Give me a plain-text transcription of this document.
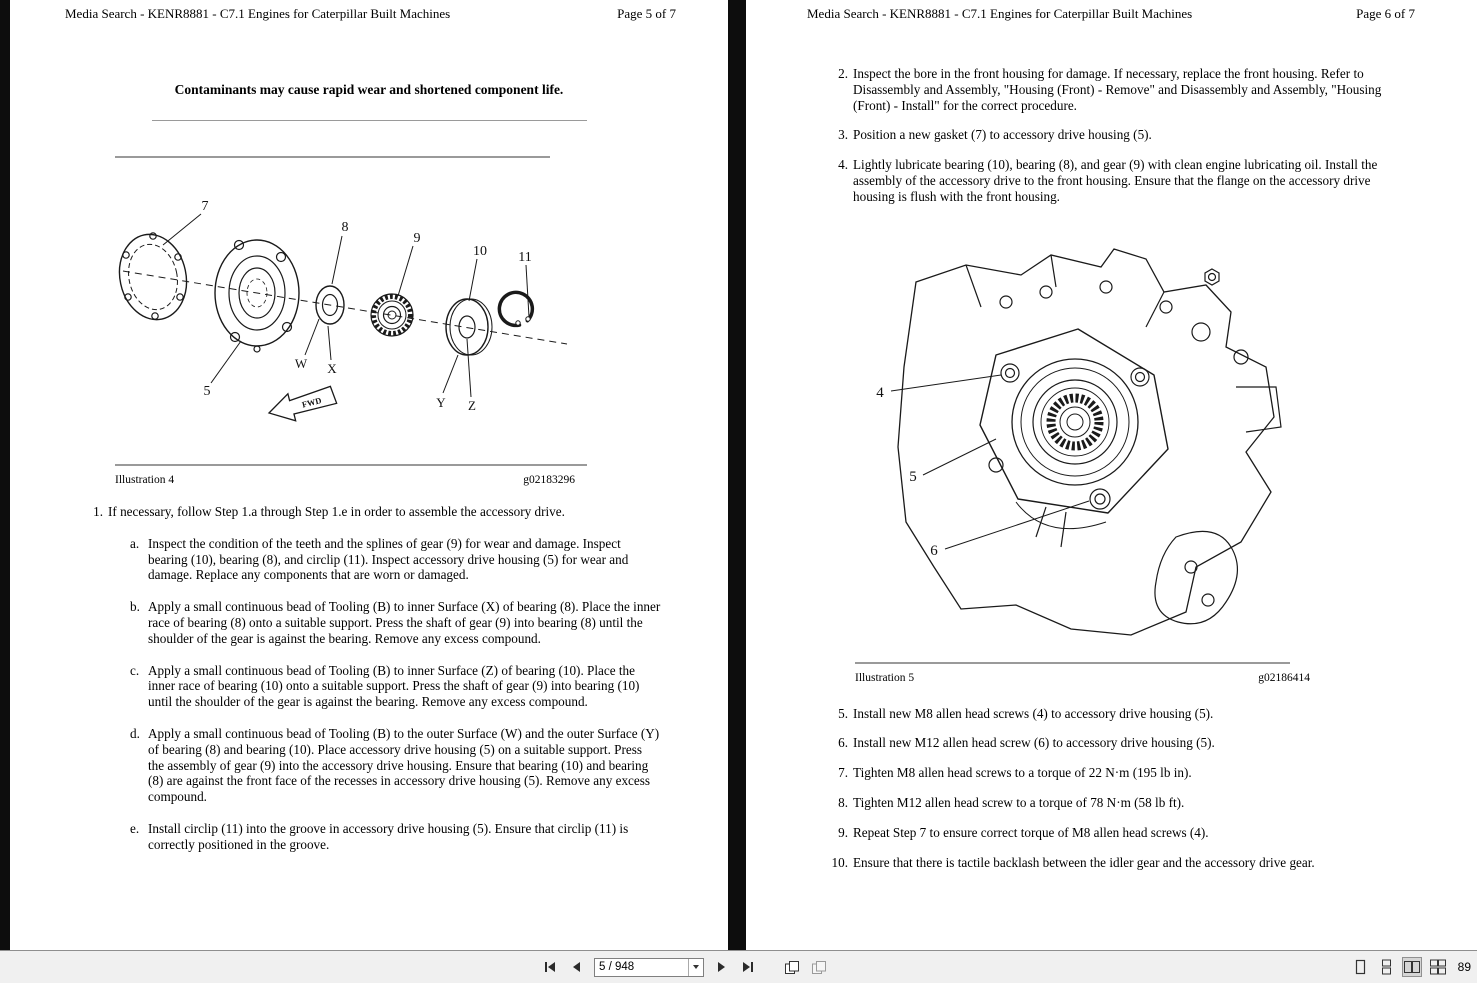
Media Search - KENR8881 - C7.1 Engines for Caterpillar Built Machines	Page 5 of 7
Contaminants may cause rapid wear and shortened component life.
7
5
8
9
10 11
W X
Y Z
FWD
Illustration 4	g02183296
1. If necessary, follow Step 1.a through Step 1.e in order to assemble the accessory drive.
a. Inspect the condition of the teeth and the splines of gear (9) for wear and damage. Inspect bearing (10), bearing (8), and circlip (11). Inspect accessory drive housing (5) for wear and damage. Replace any components that are worn or damaged.
b. Apply a small continuous bead of Tooling (B) to inner Surface (X) of bearing (8). Place the inner race of bearing (8) onto a suitable support. Press the shaft of gear (9) into bearing (8) until the shoulder of the gear is against the bearing. Remove any excess compound.
c. Apply a small continuous bead of Tooling (B) to inner Surface (Z) of bearing (10). Place the inner race of bearing (10) onto a suitable support. Press the shaft of gear (9) into bearing (10) until the shoulder of the gear is against the bearing. Remove any excess compound.
d. Apply a small continuous bead of Tooling (B) to the outer Surface (W) and the outer Surface (Y) of bearing (8) and bearing (10). Place accessory drive housing (5) on a suitable support. Press the assembly of gear (9) into the accessory drive housing. Ensure that bearing (10) and bearing (8) are against the front face of the recesses in accessory drive housing (5). Remove any excess compound.
e. Install circlip (11) into the groove in accessory drive housing (5). Ensure that circlip (11) is correctly positioned in the groove.
Media Search - KENR8881 - C7.1 Engines for Caterpillar Built Machines	Page 6 of 7
2. Inspect the bore in the front housing for damage. If necessary, replace the front housing. Refer to Disassembly and Assembly, "Housing (Front) - Remove" and Disassembly and Assembly, "Housing (Front) - Install" for the correct procedure.
3. Position a new gasket (7) to accessory drive housing (5).
4. Lightly lubricate bearing (10), bearing (8), and gear (9) with clean engine lubricating oil. Install the assembly of the accessory drive to the front housing. Ensure that the flange on the accessory drive housing is flush with the front housing.
4
5
6
Illustration 5	g02186414
5. Install new M8 allen head screws (4) to accessory drive housing (5).
6. Install new M12 allen head screw (6) to accessory drive housing (5).
7. Tighten M8 allen head screws to a torque of 22 N·m (195 lb in).
8. Tighten M12 allen head screw to a torque of 78 N·m (58 lb ft).
9. Repeat Step 7 to ensure correct torque of M8 allen head screws (4).
10. Ensure that there is tactile backlash between the idler gear and the accessory drive gear.
5 / 948
89
